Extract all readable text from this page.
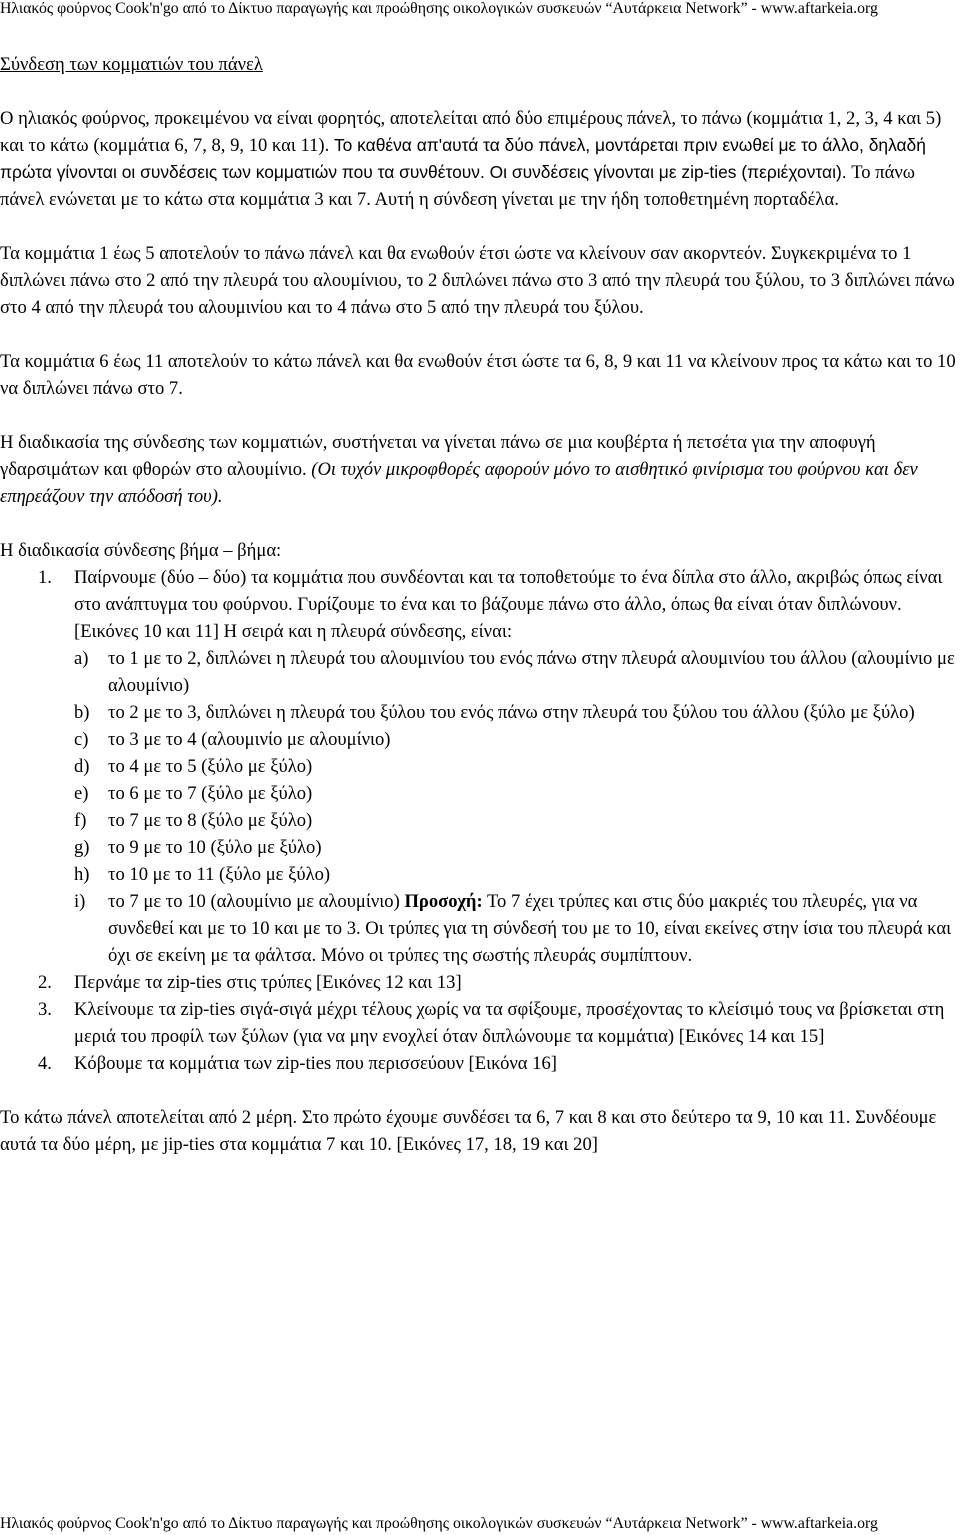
Ηλιακός φούρνος Cook'n'go από το Δίκτυο παραγωγής και προώθησης οικολογικών συσκευών “Αυτάρκεια Network” - www.aftarkeia.org
Σύνδεση των κομματιών του πάνελ

Ο ηλιακός φούρνος, προκειμένου να είναι φορητός, αποτελείται από δύο επιμέρους πάνελ, το πάνω (κομμάτια 1, 2, 3, 4 και 5) και το κάτω (κομμάτια 6, 7, 8, 9, 10 και 11). Το καθένα απ'αυτά τα δύο πάνελ, μοντάρεται πριν ενωθεί με το άλλο, δηλαδή πρώτα γίνονται οι συνδέσεις των κομματιών που τα συνθέτουν. Οι συνδέσεις γίνονται με zip-ties (περιέχονται). Το πάνω πάνελ ενώνεται με το κάτω στα κομμάτια 3 και 7. Αυτή η σύνδεση γίνεται με την ήδη τοποθετημένη πορταδέλα.

Τα κομμάτια 1 έως 5 αποτελούν το πάνω πάνελ και θα ενωθούν έτσι ώστε να κλείνουν σαν ακορντεόν. Συγκεκριμένα το 1 διπλώνει πάνω στο 2 από την πλευρά του αλουμίνιου, το 2 διπλώνει πάνω στο 3 από την πλευρά του ξύλου, το 3 διπλώνει πάνω στο 4 από την πλευρά του αλουμινίου και το 4 πάνω στο 5 από την πλευρά του ξύλου.

Τα κομμάτια 6 έως 11 αποτελούν το κάτω πάνελ και θα ενωθούν έτσι ώστε τα 6, 8, 9 και 11 να κλείνουν προς τα κάτω και το 10 να διπλώνει πάνω στο 7.

Η διαδικασία της σύνδεσης των κομματιών, συστήνεται να γίνεται πάνω σε μια κουβέρτα ή πετσέτα για την αποφυγή γδαρσιμάτων και φθορών στο αλουμίνιο. (Οι τυχόν μικροφθορές αφορούν μόνο το αισθητικό φινίρισμα του φούρνου και δεν επηρεάζουν την απόδοσή του).

Η διαδικασία σύνδεσης βήμα – βήμα:
1. Παίρνουμε (δύο – δύο) τα κομμάτια που συνδέονται και τα τοποθετούμε το ένα δίπλα στο άλλο, ακριβώς όπως είναι στο ανάπτυγμα του φούρνου. Γυρίζουμε το ένα και το βάζουμε πάνω στο άλλο, όπως θα είναι όταν διπλώνουν. [Εικόνες 10 και 11] Η σειρά και η πλευρά σύνδεσης, είναι:
a) το 1 με το 2, διπλώνει η πλευρά του αλουμινίου του ενός πάνω στην πλευρά αλουμινίου του άλλου (αλουμίνιο με αλουμίνιο)
b) το 2 με το 3, διπλώνει η πλευρά του ξύλου του ενός πάνω στην πλευρά του ξύλου του άλλου (ξύλο με ξύλο)
c) το 3 με το 4 (αλουμινίο με αλουμίνιο)
d) το 4 με το 5 (ξύλο με ξύλο)
e) το 6 με το 7 (ξύλο με ξύλο)
f) το 7 με το 8 (ξύλο με ξύλο)
g) το 9 με το 10 (ξύλο με ξύλο)
h) το 10 με το 11 (ξύλο με ξύλο)
i) το 7 με το 10 (αλουμίνιο με αλουμίνιο) Προσοχή: Το 7 έχει τρύπες και στις δύο μακριές του πλευρές, για να συνδεθεί και με το 10 και με το 3. Οι τρύπες για τη σύνδεσή του με το 10, είναι εκείνες στην ίσια του πλευρά και όχι σε εκείνη με τα φάλτσα. Μόνο οι τρύπες της σωστής πλευράς συμπίπτουν.
2. Περνάμε τα zip-ties στις τρύπες [Εικόνες 12 και 13]
3. Κλείνουμε τα zip-ties σιγά-σιγά μέχρι τέλους χωρίς να τα σφίξουμε, προσέχοντας το κλείσιμό τους να βρίσκεται στη μεριά του προφίλ των ξύλων (για να μην ενοχλεί όταν διπλώνουμε τα κομμάτια) [Εικόνες 14 και 15]
4. Κόβουμε τα κομμάτια των zip-ties που περισσεύουν [Εικόνα 16]

Το κάτω πάνελ αποτελείται από 2 μέρη. Στο πρώτο έχουμε συνδέσει τα 6, 7 και 8 και στο δεύτερο τα 9, 10 και 11. Συνδέουμε αυτά τα δύο μέρη, με jip-ties στα κομμάτια 7 και 10. [Εικόνες 17, 18, 19 και 20]

Ηλιακός φούρνος Cook'n'go από το Δίκτυο παραγωγής και προώθησης οικολογικών συσκευών “Αυτάρκεια Network” - www.aftarkeia.org
